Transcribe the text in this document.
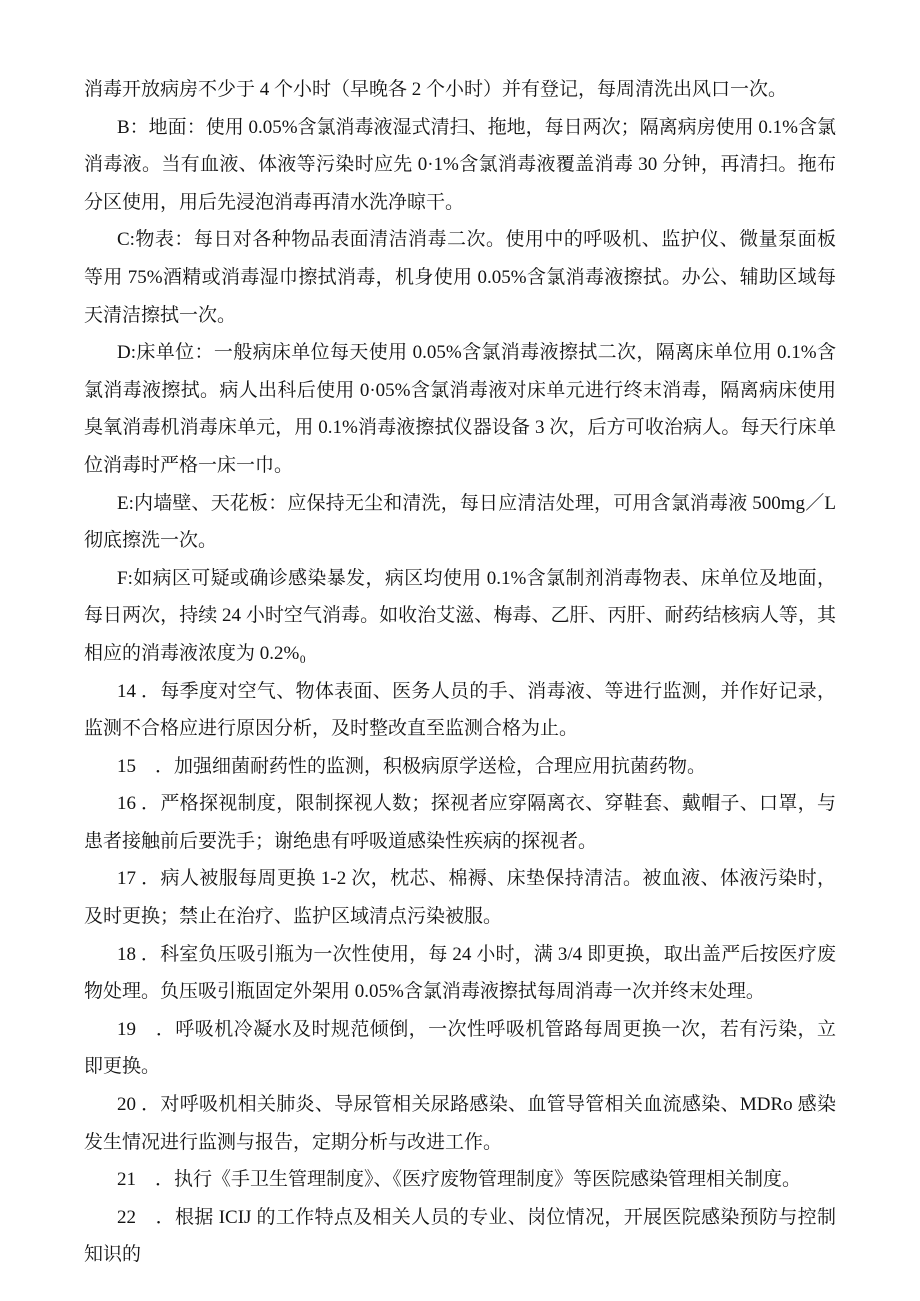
消毒开放病房不少于 4 个小时（早晚各 2 个小时）并有登记，每周清洗出风口一次。

B：地面：使用 0.05%含氯消毒液湿式清扫、拖地，每日两次；隔离病房使用 0.1%含氯消毒液。当有血液、体液等污染时应先 0·1%含氯消毒液覆盖消毒 30 分钟，再清扫。拖布分区使用，用后先浸泡消毒再清水洗净晾干。

C:物表：每日对各种物品表面清洁消毒二次。使用中的呼吸机、监护仪、微量泵面板等用 75%酒精或消毒湿巾擦拭消毒，机身使用 0.05%含氯消毒液擦拭。办公、辅助区域每天清洁擦拭一次。

D:床单位：一般病床单位每天使用 0.05%含氯消毒液擦拭二次，隔离床单位用 0.1%含氯消毒液擦拭。病人出科后使用 0·05%含氯消毒液对床单元进行终末消毒，隔离病床使用臭氧消毒机消毒床单元，用 0.1%消毒液擦拭仪器设备 3 次，后方可收治病人。每天行床单位消毒时严格一床一巾。

E:内墙壁、天花板：应保持无尘和清洗，每日应清洁处理，可用含氯消毒液 500mg／L 彻底擦洗一次。

F:如病区可疑或确诊感染暴发，病区均使用 0.1%含氯制剂消毒物表、床单位及地面，每日两次，持续 24 小时空气消毒。如收治艾滋、梅毒、乙肝、丙肝、耐药结核病人等，其相应的消毒液浓度为 0.2%₀

14 ．每季度对空气、物体表面、医务人员的手、消毒液、等进行监测，并作好记录，监测不合格应进行原因分析，及时整改直至监测合格为止。

15　．加强细菌耐药性的监测，积极病原学送检，合理应用抗菌药物。

16 ．严格探视制度，限制探视人数；探视者应穿隔离衣、穿鞋套、戴帽子、口罩，与患者接触前后要洗手；谢绝患有呼吸道感染性疾病的探视者。

17 ．病人被服每周更换 1-2 次，枕芯、棉褥、床垫保持清洁。被血液、体液污染时，及时更换；禁止在治疗、监护区域清点污染被服。

18 ．科室负压吸引瓶为一次性使用，每 24 小时，满 3/4 即更换，取出盖严后按医疗废物处理。负压吸引瓶固定外架用 0.05%含氯消毒液擦拭每周消毒一次并终末处理。

19　．呼吸机冷凝水及时规范倾倒，一次性呼吸机管路每周更换一次，若有污染，立即更换。

20 ．对呼吸机相关肺炎、导尿管相关尿路感染、血管导管相关血流感染、MDRo 感染发生情况进行监测与报告，定期分析与改进工作。

21　．执行《手卫生管理制度》、《医疗废物管理制度》等医院感染管理相关制度。

22　．根据 ICIJ 的工作特点及相关人员的专业、岗位情况，开展医院感染预防与控制知识的
